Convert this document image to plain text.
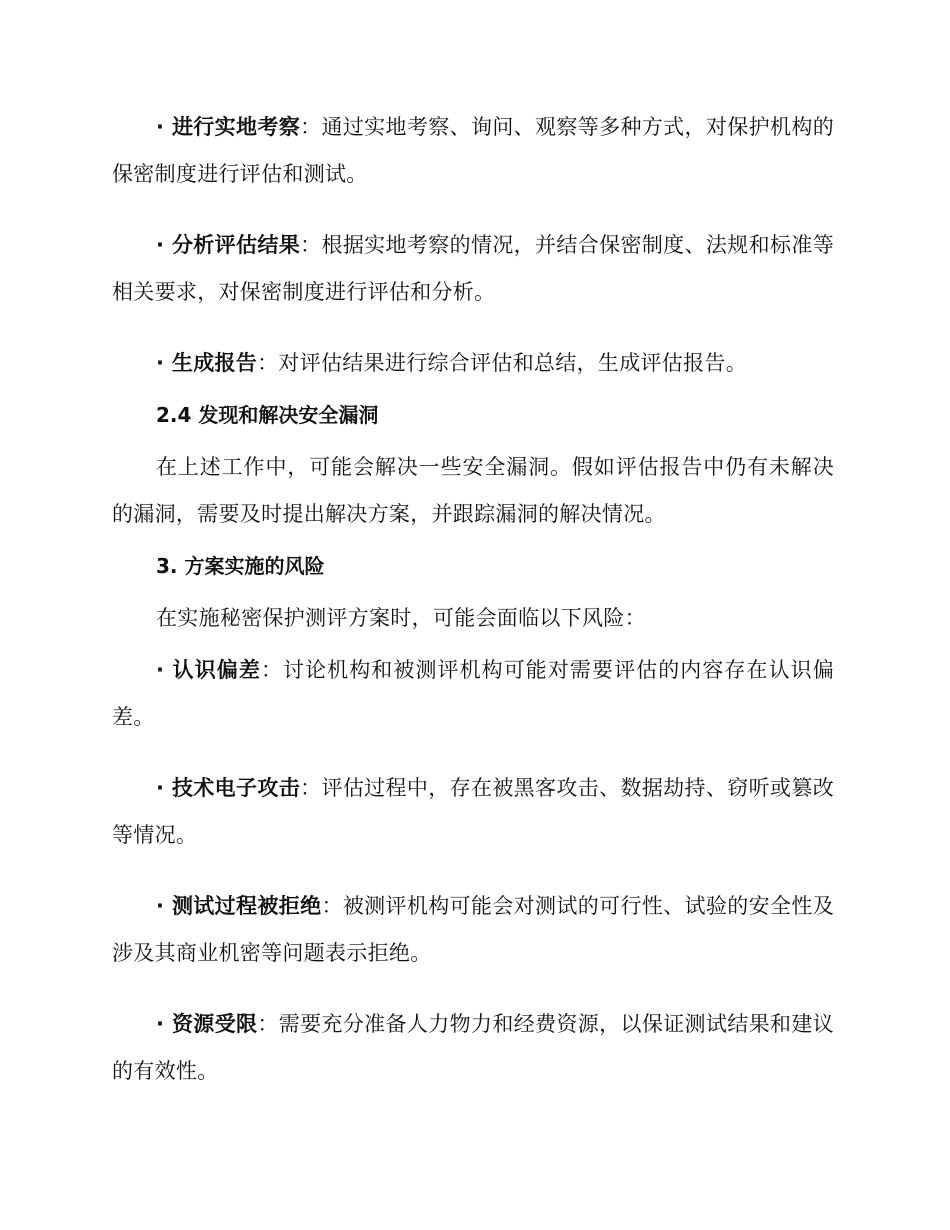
· 进行实地考察：通过实地考察、询问、观察等多种方式，对保护机构的保密制度进行评估和测试。

· 分析评估结果：根据实地考察的情况，并结合保密制度、法规和标准等相关要求，对保密制度进行评估和分析。

· 生成报告：对评估结果进行综合评估和总结，生成评估报告。

2.4 发现和解决安全漏洞

在上述工作中，可能会解决一些安全漏洞。假如评估报告中仍有未解决的漏洞，需要及时提出解决方案，并跟踪漏洞的解决情况。

3. 方案实施的风险

在实施秘密保护测评方案时，可能会面临以下风险：

· 认识偏差：讨论机构和被测评机构可能对需要评估的内容存在认识偏差。

· 技术电子攻击：评估过程中，存在被黑客攻击、数据劫持、窃听或篡改等情况。

· 测试过程被拒绝：被测评机构可能会对测试的可行性、试验的安全性及涉及其商业机密等问题表示拒绝。

· 资源受限：需要充分准备人力物力和经费资源，以保证测试结果和建议的有效性。
